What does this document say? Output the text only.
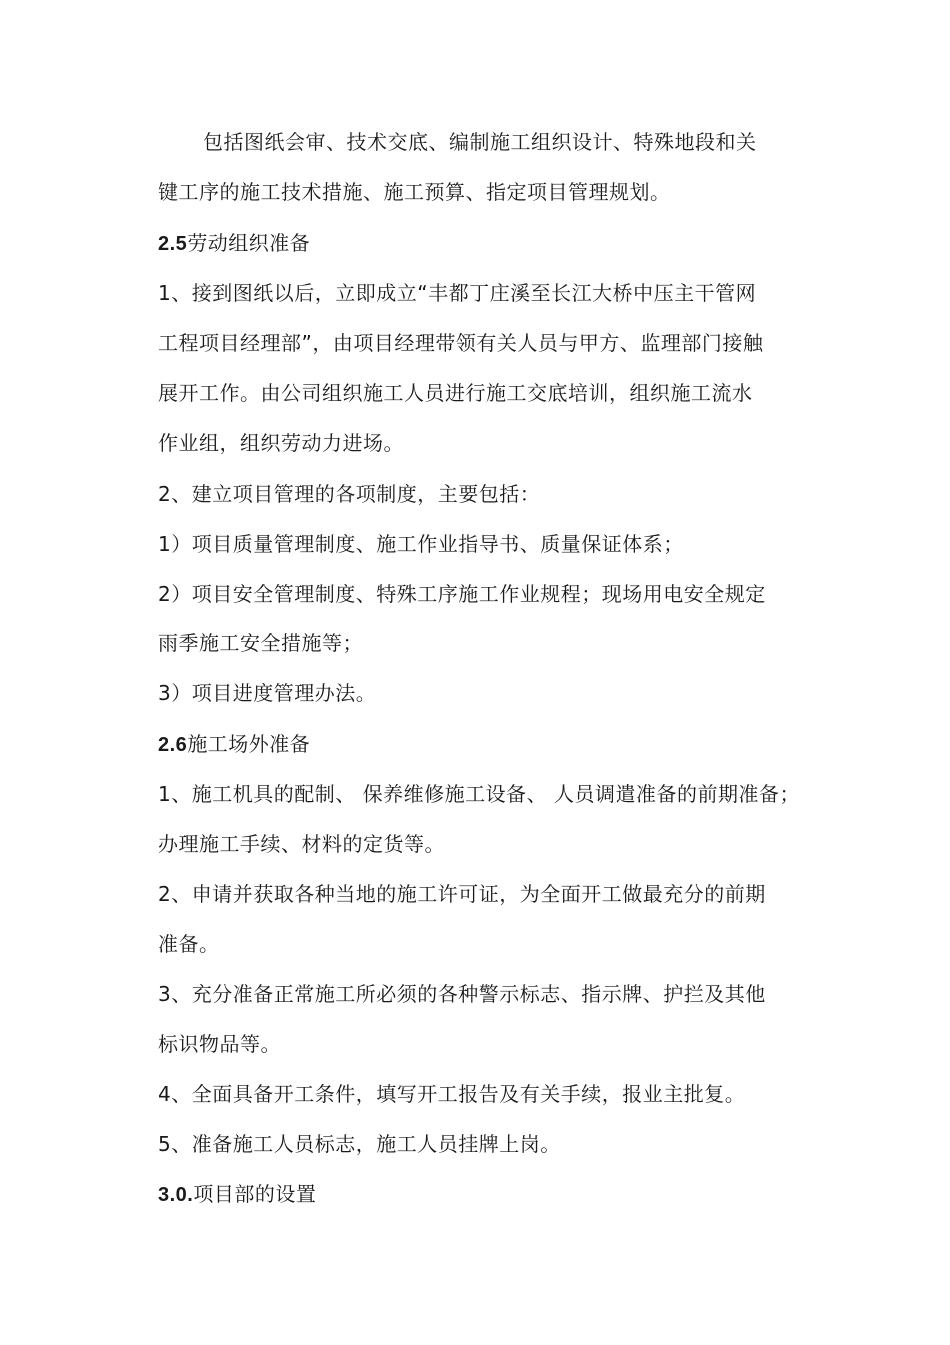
包括图纸会审、技术交底、编制施工组织设计、特殊地段和关
键工序的施工技术措施、施工预算、指定项目管理规划。
2.5劳动组织准备
1、接到图纸以后，立即成立“丰都丁庄溪至长江大桥中压主干管网
工程项目经理部”，由项目经理带领有关人员与甲方、监理部门接触
展开工作。由公司组织施工人员进行施工交底培训，组织施工流水
作业组，组织劳动力进场。
2、建立项目管理的各项制度，主要包括：
1）项目质量管理制度、施工作业指导书、质量保证体系；
2）项目安全管理制度、特殊工序施工作业规程；现场用电安全规定
雨季施工安全措施等；
3）项目进度管理办法。
2.6施工场外准备
1、施工机具的配制、 保养维修施工设备、 人员调遣准备的前期准备；
办理施工手续、材料的定货等。
2、申请并获取各种当地的施工许可证，为全面开工做最充分的前期
准备。
3、充分准备正常施工所必须的各种警示标志、指示牌、护拦及其他
标识物品等。
4、全面具备开工条件，填写开工报告及有关手续，报业主批复。
5、准备施工人员标志，施工人员挂牌上岗。
3.0.项目部的设置
